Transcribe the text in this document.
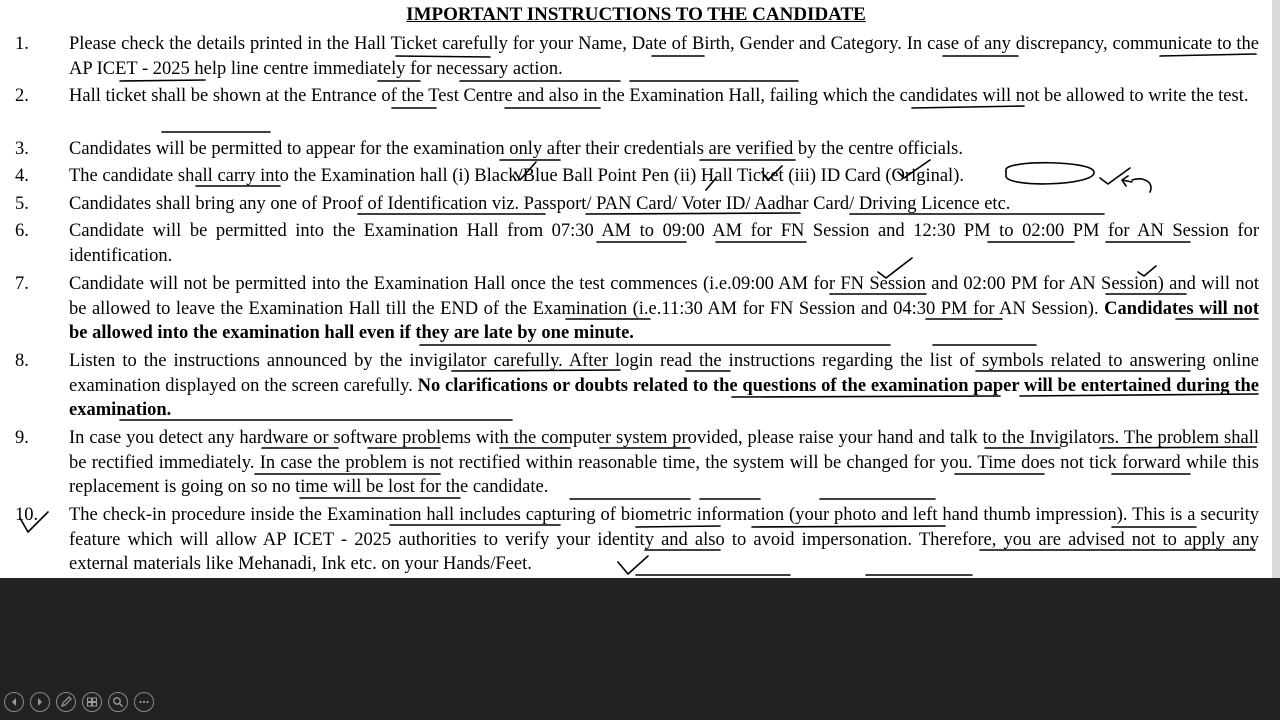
IMPORTANT INSTRUCTIONS TO THE CANDIDATE
1. Please check the details printed in the Hall Ticket carefully for your Name, Date of Birth, Gender and Category. In case of any discrepancy, communicate to the AP ICET - 2025 help line centre immediately for necessary action.
2. Hall ticket shall be shown at the Entrance of the Test Centre and also in the Examination Hall, failing which the candidates will not be allowed to write the test.
3. Candidates will be permitted to appear for the examination only after their credentials are verified by the centre officials.
4. The candidate shall carry into the Examination hall (i) Black/Blue Ball Point Pen (ii) Hall Ticket (iii) ID Card (Original).
5. Candidates shall bring any one of Proof of Identification viz. Passport/ PAN Card/ Voter ID/ Aadhar Card/ Driving Licence etc.
6. Candidate will be permitted into the Examination Hall from 07:30 AM to 09:00 AM for FN Session and 12:30 PM to 02:00 PM for AN Session for identification.
7. Candidate will not be permitted into the Examination Hall once the test commences (i.e.09:00 AM for FN Session and 02:00 PM for AN Session) and will not be allowed to leave the Examination Hall till the END of the Examination (i.e.11:30 AM for FN Session and 04:30 PM for AN Session). Candidates will not be allowed into the examination hall even if they are late by one minute.
8. Listen to the instructions announced by the invigilator carefully. After login read the instructions regarding the list of symbols related to answering online examination displayed on the screen carefully. No clarifications or doubts related to the questions of the examination paper will be entertained during the examination.
9. In case you detect any hardware or software problems with the computer system provided, please raise your hand and talk to the Invigilators. The problem shall be rectified immediately. In case the problem is not rectified within reasonable time, the system will be changed for you. Time does not tick forward while this replacement is going on so no time will be lost for the candidate.
10. The check-in procedure inside the Examination hall includes capturing of biometric information (your photo and left hand thumb impression). This is a security feature which will allow AP ICET - 2025 authorities to verify your identity and also to avoid impersonation. Therefore, you are advised not to apply any external materials like Mehanadi, Ink etc. on your Hands/Feet.
